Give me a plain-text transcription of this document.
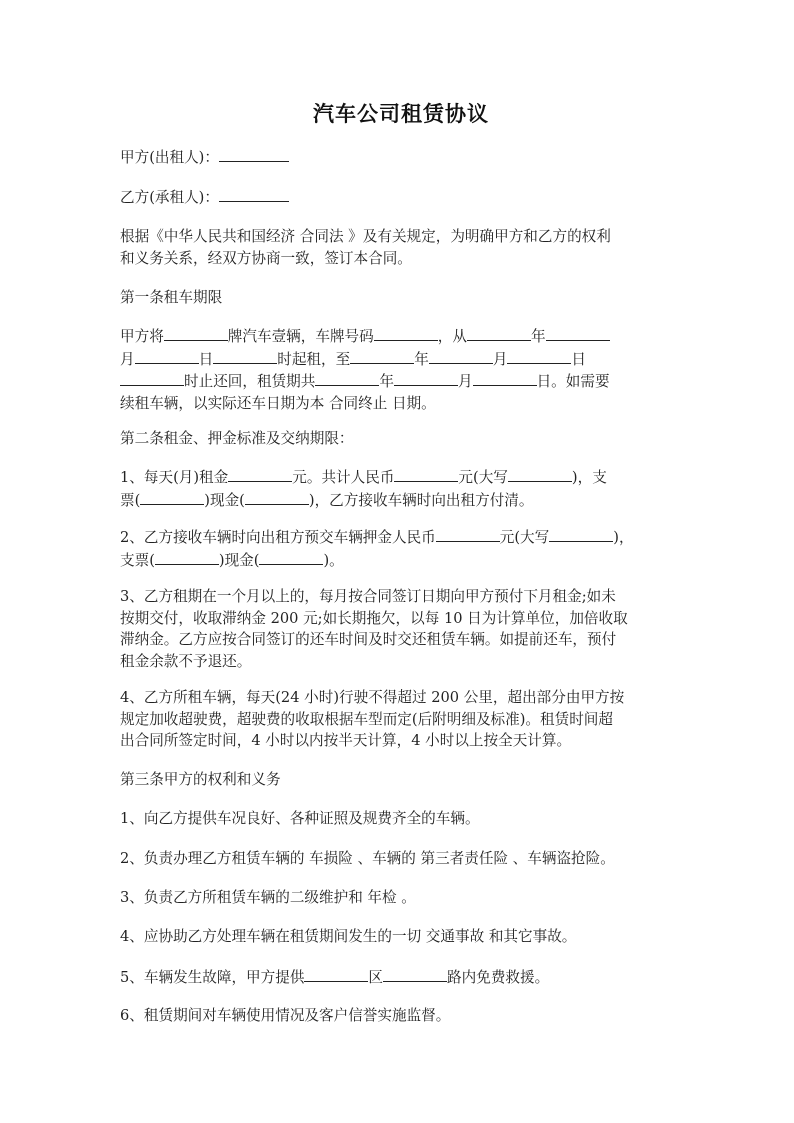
汽车公司租赁协议
甲方(出租人)：
乙方(承租人)：
根据《中华人民共和国经济 合同法 》及有关规定，为明确甲方和乙方的权利
和义务关系，经双方协商一致，签订本合同。
第一条租车期限
甲方将	牌汽车壹辆，车牌号码	，从	年
月	日	时起租，至	年	月	日
时止还回，租赁期共	年	月	日。如需要
续租车辆，以实际还车日期为本 合同终止 日期。
第二条租金、押金标准及交纳期限：
1、每天(月)租金	元。共计人民币	元(大写	)，支
票(	)现金(	)，乙方接收车辆时向出租方付清。
2、乙方接收车辆时向出租方预交车辆押金人民币	元(大写	)，
支票(	)现金(	)。
3、乙方租期在一个月以上的，每月按合同签订日期向甲方预付下月租金;如未
按期交付，收取滞纳金 200 元;如长期拖欠，以每 10 日为计算单位，加倍收取
滞纳金。乙方应按合同签订的还车时间及时交还租赁车辆。如提前还车，预付
租金余款不予退还。
4、乙方所租车辆，每天(24 小时)行驶不得超过 200 公里，超出部分由甲方按
规定加收超驶费，超驶费的收取根据车型而定(后附明细及标准)。租赁时间超
出合同所签定时间，4 小时以内按半天计算，4 小时以上按全天计算。
第三条甲方的权利和义务
1、向乙方提供车况良好、各种证照及规费齐全的车辆。
2、负责办理乙方租赁车辆的 车损险 、车辆的 第三者责任险 、车辆盗抢险。
3、负责乙方所租赁车辆的二级维护和 年检 。
4、应协助乙方处理车辆在租赁期间发生的一切 交通事故 和其它事故。
5、车辆发生故障，甲方提供	区	路内免费救援。
6、租赁期间对车辆使用情况及客户信誉实施监督。
